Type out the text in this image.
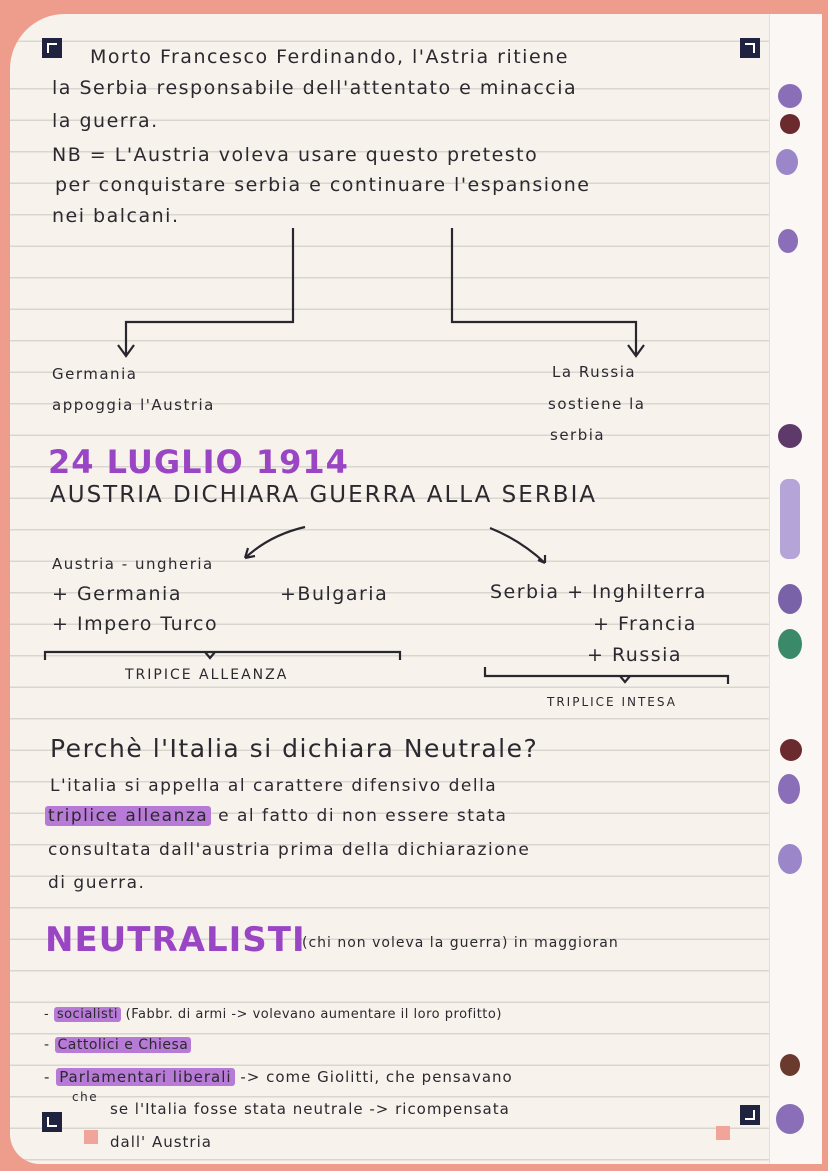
Morto Francesco Ferdinando, l'Astria ritiene
la Serbia responsabile dell'attentato e minaccia
la guerra.
NB = L'Austria voleva usare questo pretesto
per conquistare serbia e continuare l'espansione
nei balcani.
Germania
appoggia l'Austria
La Russia
sostiene la
serbia
24 LUGLIO 1914
AUSTRIA DICHIARA GUERRA ALLA SERBIA
Austria - ungheria
+ Germania	+Bulgaria
+ Impero Turco
TRIPICE ALLEANZA
Serbia + Inghilterra
+ Francia
+ Russia
TRIPLICE INTESA
Perchè l'Italia si dichiara Neutrale?
L'italia si appella al carattere difensivo della
triplice alleanza e al fatto di non essere stata
consultata dall'austria prima della dichiarazione
di guerra.
NEUTRALISTI
(chi non voleva la guerra) in maggioran
- socialisti (Fabbr. di armi -> volevano aumentare il loro profitto)
- Cattolici e Chiesa
- Parlamentari liberali -> come Giolitti, che pensavano
che
se l'Italia fosse stata neutrale -> ricompensata
dall' Austria
